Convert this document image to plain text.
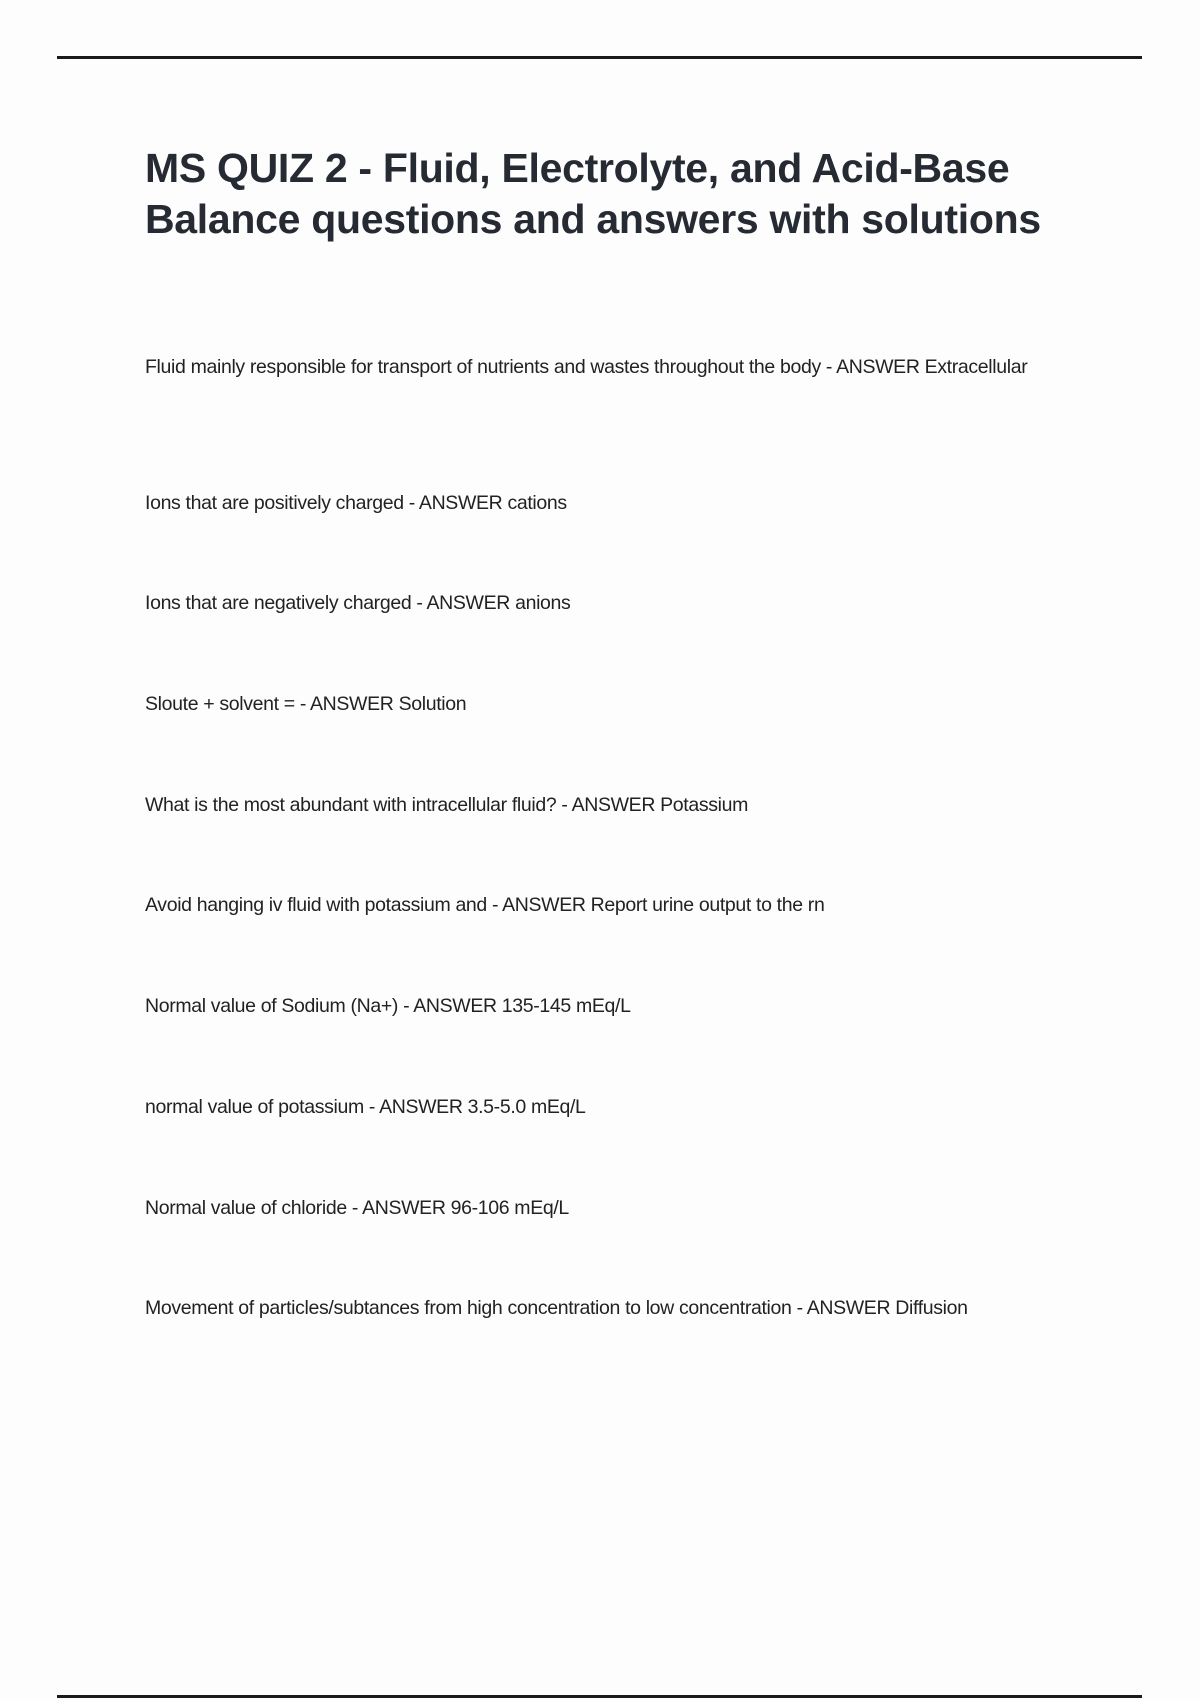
MS QUIZ 2 - Fluid, Electrolyte, and Acid-Base Balance questions and answers with solutions
Fluid mainly responsible for transport of nutrients and wastes throughout the body - ANSWER Extracellular
Ions that are positively charged - ANSWER cations
Ions that are negatively charged - ANSWER anions
Sloute + solvent = - ANSWER Solution
What is the most abundant with intracellular fluid? - ANSWER Potassium
Avoid hanging iv fluid with potassium and - ANSWER Report urine output to the rn
Normal value of Sodium (Na+) - ANSWER 135-145 mEq/L
normal value of potassium - ANSWER 3.5-5.0 mEq/L
Normal value of chloride - ANSWER 96-106 mEq/L
Movement of particles/subtances from high concentration to low concentration - ANSWER Diffusion
